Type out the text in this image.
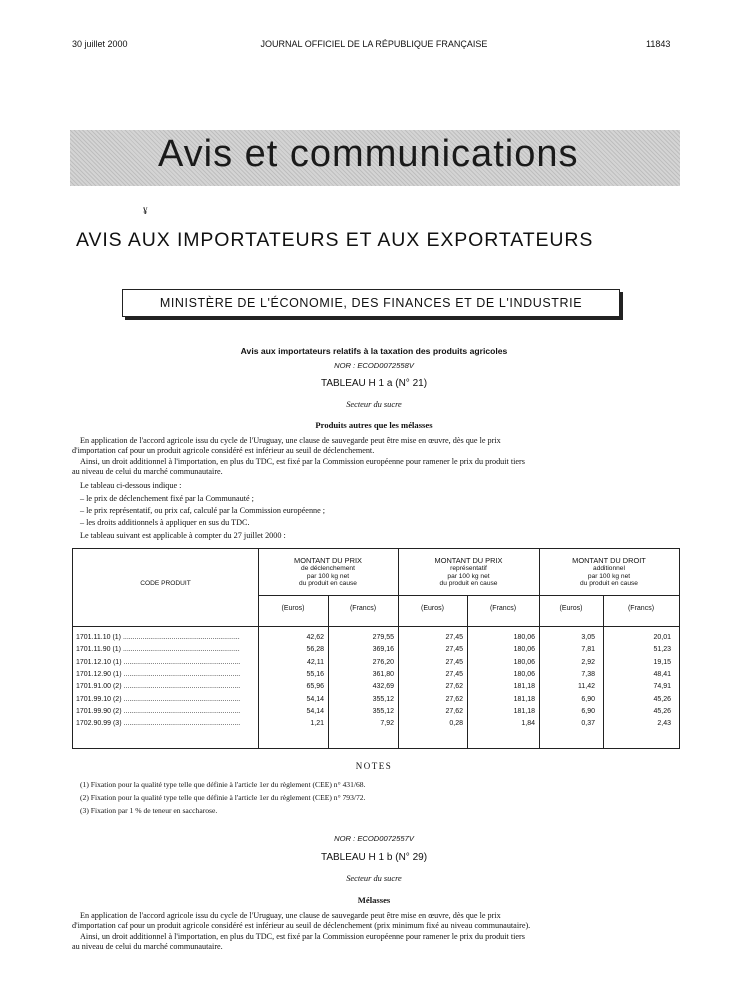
30 juillet 2000	JOURNAL OFFICIEL DE LA RÉPUBLIQUE FRANÇAISE	11843
Avis et communications
¥
AVIS AUX IMPORTATEURS ET AUX EXPORTATEURS
MINISTÈRE DE L'ÉCONOMIE, DES FINANCES ET DE L'INDUSTRIE
Avis aux importateurs relatifs à la taxation des produits agricoles
NOR : ECOD0072558V
TABLEAU H 1 a (N° 21)
Secteur du sucre
Produits autres que les mélasses

En application de l'accord agricole issu du cycle de l'Uruguay, une clause de sauvegarde peut être mise en œuvre, dès que le prix

d'importation caf pour un produit agricole considéré est inférieur au seuil de déclenchement.

Ainsi, un droit additionnel à l'importation, en plus du TDC, est fixé par la Commission européenne pour ramener le prix du produit tiers

au niveau de celui du marché communautaire.

Le tableau ci-dessous indique :

– le prix de déclenchement fixé par la Communauté ;

– le prix représentatif, ou prix caf, calculé par la Commission européenne ;

– les droits additionnels à appliquer en sus du TDC.

Le tableau suivant est applicable à compter du 27 juillet 2000 :

CODE PRODUIT
MONTANT DU PRIX
de déclenchement
par 100 kg net
du produit en cause
MONTANT DU PRIX
représentatif
par 100 kg net
du produit en cause
MONTANT DU DROIT
additionnel
par 100 kg net
du produit en cause
(Euros)	(Francs)	(Euros)	(Francs)	(Euros)	(Francs)
1701.11.10 (1) ............................................................	42,62	279,55	27,45	180,06	3,05	20,01
1701.11.90 (1) ............................................................	56,28	369,16	27,45	180,06	7,81	51,23
1701.12.10 (1) ............................................................	42,11	276,20	27,45	180,06	2,92	19,15
1701.12.90 (1) ............................................................	55,16	361,80	27,45	180,06	7,38	48,41
1701.91.00 (2) ............................................................	65,96	432,69	27,62	181,18	11,42	74,91
1701.99.10 (2) ............................................................	54,14	355,12	27,62	181,18	6,90	45,26
1701.99.90 (2) ............................................................	54,14	355,12	27,62	181,18	6,90	45,26
1702.90.99 (3) ............................................................	1,21	7,92	0,28	1,84	0,37	2,43
NOTES
(1) Fixation pour la qualité type telle que définie à l'article 1er du règlement (CEE) n° 431/68.
(2) Fixation pour la qualité type telle que définie à l'article 1er du règlement (CEE) n° 793/72.
(3) Fixation par 1 % de teneur en saccharose.
NOR : ECOD0072557V
TABLEAU H 1 b (N° 29)
Secteur du sucre
Mélasses

En application de l'accord agricole issu du cycle de l'Uruguay, une clause de sauvegarde peut être mise en œuvre, dès que le prix

d'importation caf pour un produit agricole considéré est inférieur au seuil de déclenchement (prix minimum fixé au niveau communautaire).

Ainsi, un droit additionnel à l'importation, en plus du TDC, est fixé par la Commission européenne pour ramener le prix du produit tiers

au niveau de celui du marché communautaire.
